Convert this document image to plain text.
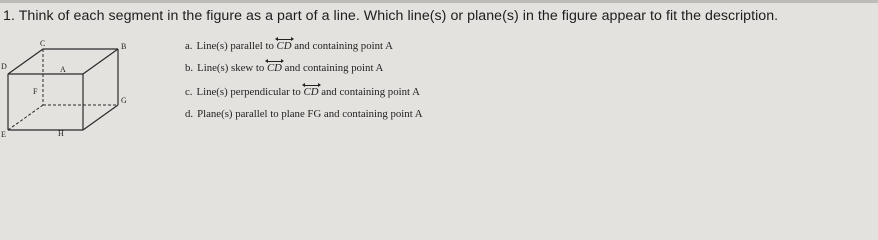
1. Think of each segment in the figure as a part of a line. Which line(s) or plane(s) in the figure appear to fit the description.
C	B
D	A
F
G
E	H
a. Line(s) parallel to CD
and containing point A
b. Line(s) skew to CD
and containing point A
c. Line(s) perpendicular to CD
and containing point A
d. Plane(s) parallel to plane FG and containing point A
